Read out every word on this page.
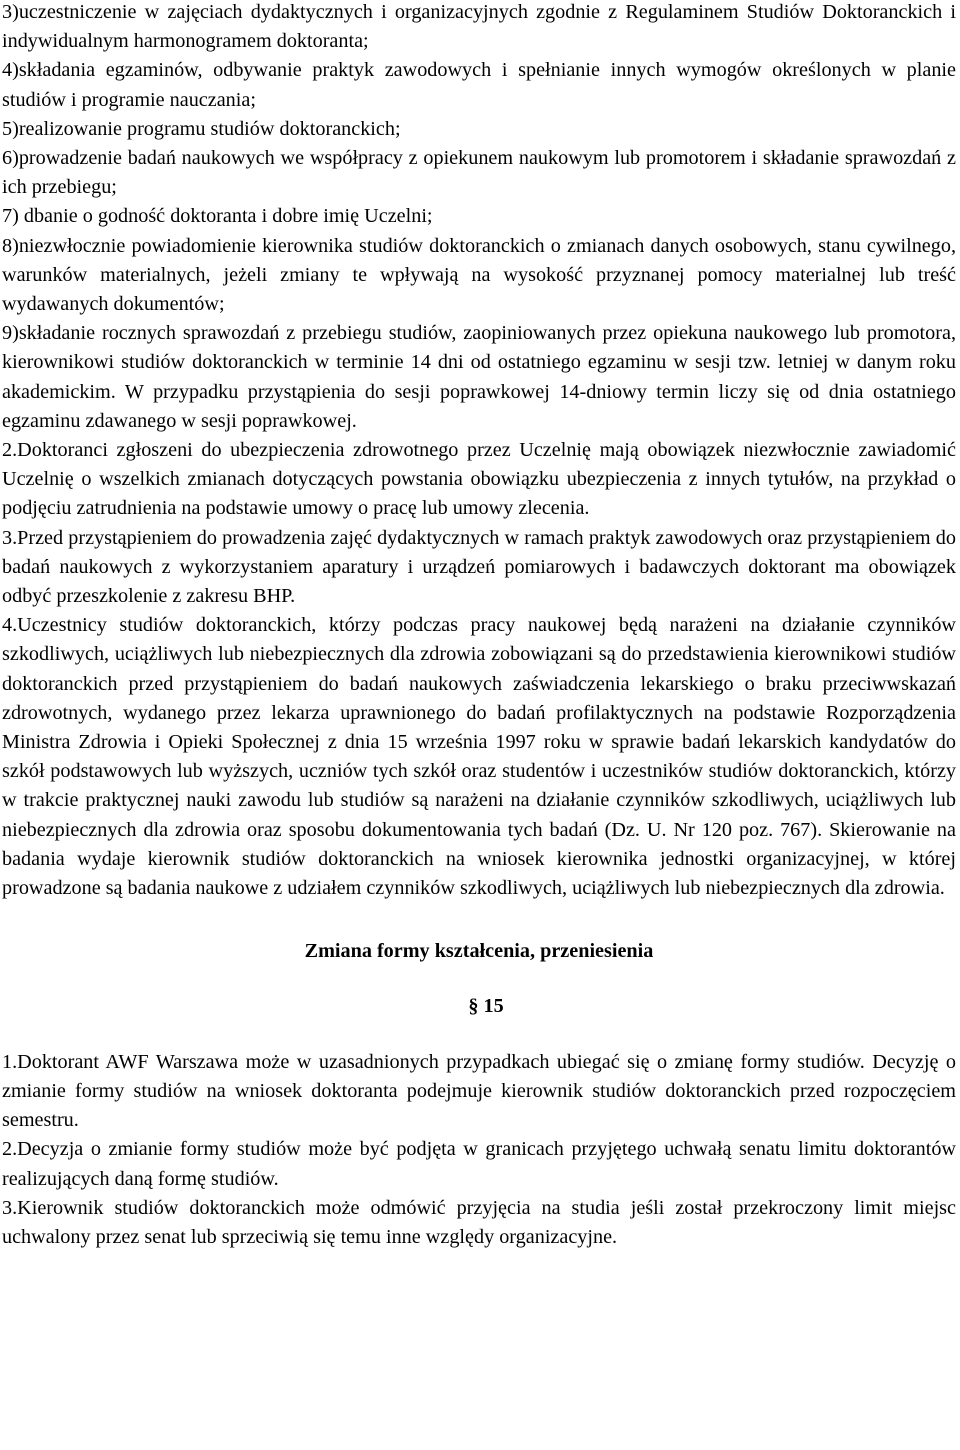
3)uczestniczenie w zajęciach dydaktycznych i organizacyjnych zgodnie z Regulaminem Studiów Doktoranckich i indywidualnym harmonogramem doktoranta;

4)składania egzaminów, odbywanie praktyk zawodowych i spełnianie innych wymogów określonych w planie studiów i programie nauczania;

5)realizowanie programu studiów doktoranckich;

6)prowadzenie badań naukowych we współpracy z opiekunem naukowym lub promotorem i składanie sprawozdań z ich przebiegu;

7) dbanie o godność doktoranta i dobre imię Uczelni;

8)niezwłocznie powiadomienie kierownika studiów doktoranckich o zmianach danych osobowych, stanu cywilnego, warunków materialnych, jeżeli zmiany te wpływają na wysokość przyznanej pomocy materialnej lub treść wydawanych dokumentów;

9)składanie rocznych sprawozdań z przebiegu studiów, zaopiniowanych przez opiekuna naukowego lub promotora, kierownikowi studiów doktoranckich w terminie 14 dni od ostatniego egzaminu w sesji tzw. letniej w danym roku akademickim. W przypadku przystąpienia do sesji poprawkowej 14-dniowy termin liczy się od dnia ostatniego egzaminu zdawanego w sesji poprawkowej.

2.Doktoranci zgłoszeni do ubezpieczenia zdrowotnego przez Uczelnię mają obowiązek niezwłocznie zawiadomić Uczelnię o wszelkich zmianach dotyczących powstania obowiązku ubezpieczenia z innych tytułów, na przykład o podjęciu zatrudnienia na podstawie umowy o pracę lub umowy zlecenia.

3.Przed przystąpieniem do prowadzenia zajęć dydaktycznych w ramach praktyk zawodowych oraz przystąpieniem do badań naukowych z wykorzystaniem aparatury i urządzeń pomiarowych i badawczych doktorant ma obowiązek odbyć przeszkolenie z zakresu BHP.

4.Uczestnicy studiów doktoranckich, którzy podczas pracy naukowej będą narażeni na działanie czynników szkodliwych, uciążliwych lub niebezpiecznych dla zdrowia zobowiązani są do przedstawienia kierownikowi studiów doktoranckich przed przystąpieniem do badań naukowych zaświadczenia lekarskiego o braku przeciwwskazań zdrowotnych, wydanego przez lekarza uprawnionego do badań profilaktycznych na podstawie Rozporządzenia Ministra Zdrowia i Opieki Społecznej z dnia 15 września 1997 roku w sprawie badań lekarskich kandydatów do szkół podstawowych lub wyższych, uczniów tych szkół oraz studentów i uczestników studiów doktoranckich, którzy w trakcie praktycznej nauki zawodu lub studiów są narażeni na działanie czynników szkodliwych, uciążliwych lub niebezpiecznych dla zdrowia oraz sposobu dokumentowania tych badań (Dz. U. Nr 120 poz. 767). Skierowanie na badania wydaje kierownik studiów doktoranckich na wniosek kierownika jednostki organizacyjnej, w której prowadzone są badania naukowe z udziałem czynników szkodliwych, uciążliwych lub niebezpiecznych dla zdrowia.

Zmiana formy kształcenia, przeniesienia

§ 15

1.Doktorant AWF Warszawa może w uzasadnionych przypadkach ubiegać się o zmianę formy studiów. Decyzję o zmianie formy studiów na wniosek doktoranta podejmuje kierownik studiów doktoranckich przed rozpoczęciem semestru.

2.Decyzja o zmianie formy studiów może być podjęta w granicach przyjętego uchwałą senatu limitu doktorantów realizujących daną formę studiów.

3.Kierownik studiów doktoranckich może odmówić przyjęcia na studia jeśli został przekroczony limit miejsc uchwalony przez senat lub sprzeciwią się temu inne względy organizacyjne.
